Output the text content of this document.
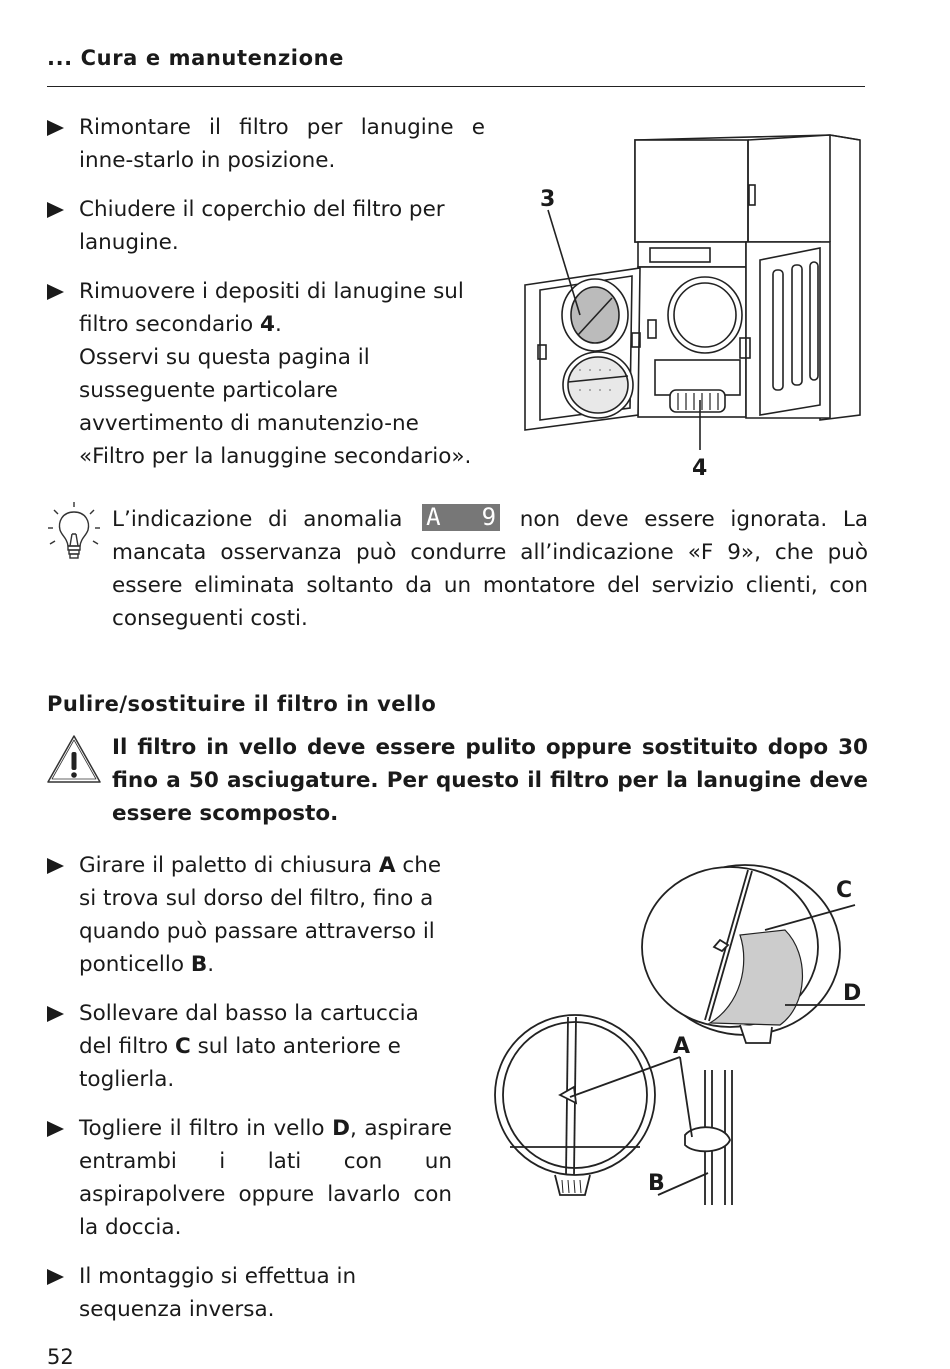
... Cura e manutenzione
Rimontare il filtro per lanugine e inne-starlo in posizione.
Chiudere il coperchio del filtro per lanugine.
Rimuovere i depositi di lanugine sul filtro secondario 4.
Osservi su questa pagina il susseguente particolare avvertimento di manutenzio-ne «Filtro per la lanuggine secondario».
3
4
L’indicazione di anomalia A 9 non deve essere ignorata. La mancata osservanza può condurre all’indicazione «F 9», che può essere eliminata soltanto da un montatore del servizio clienti, con conseguenti costi.
Pulire/sostituire il filtro in vello
Il filtro in vello deve essere pulito oppure sostituito dopo 30 fino a 50 asciugature. Per questo il filtro per la lanugine deve essere scomposto.
Girare il paletto di chiusura A che si trova sul dorso del filtro, fino a quando può passare attraverso il ponticello B.
Sollevare dal basso la cartuccia del filtro C sul lato anteriore e toglierla.
Togliere il filtro in vello D, aspirare entrambi i lati con un aspirapolvere oppure lavarlo con la doccia.
Il montaggio si effettua in sequenza inversa.
C
D
A
B
52
